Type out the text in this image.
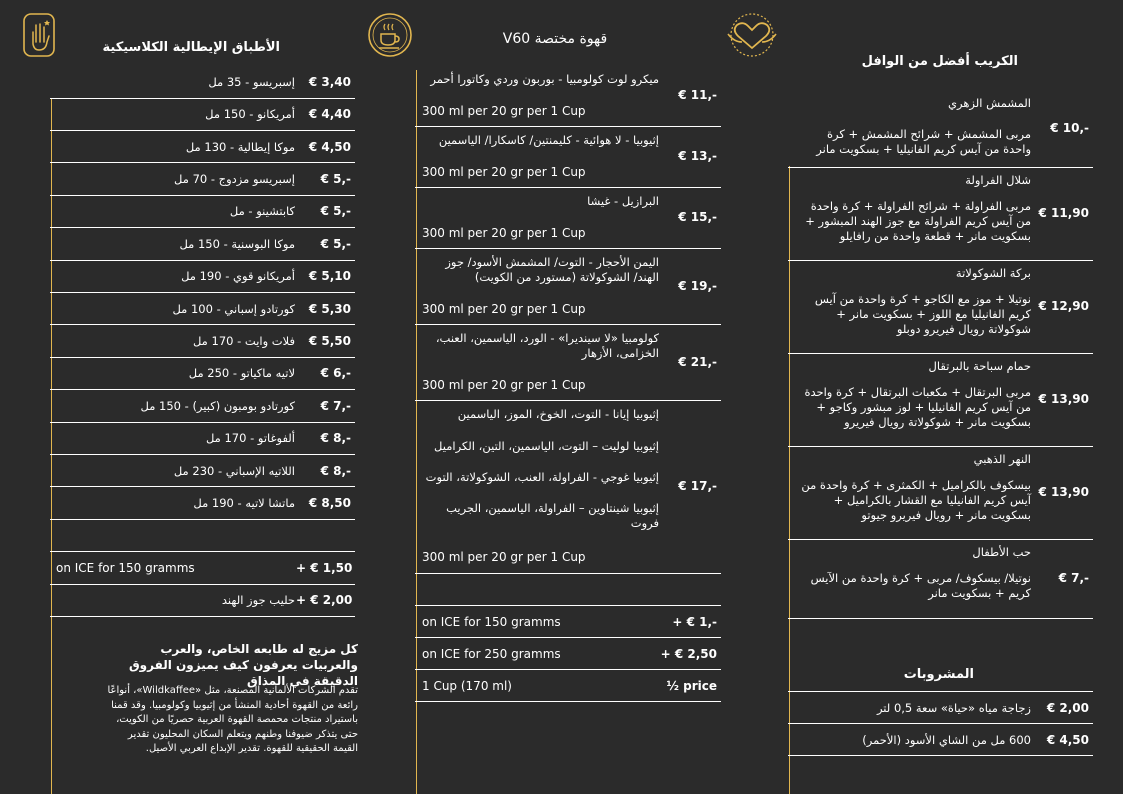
الأطباق الإيطالية الكلاسيكية
إسبريسو - 35 مل	€ 3,40
أمريكانو - 150 مل	€ 4,40
موكا إيطالية - 130 مل	€ 4,50
إسبريسو مزدوج - 70 مل	€ 5,-
كابتشينو - مل	€ 5,-
موكا البوسنية - 150 مل	€ 5,-
أمريكانو قوي - 190 مل	€ 5,10
كورتادو إسباني - 100 مل	€ 5,30
فلات وايت - 170 مل	€ 5,50
لاتيه ماكياتو - 250 مل	€ 6,-
كورتادو بومبون (كبير) - 150 مل	€ 7,-
ألفوغاتو - 170 مل	€ 8,-
اللاتيه الإسباني - 230 مل	€ 8,-
ماتشا لاتيه - 190 مل	€ 8,50
on ICE for 150 gramms	+ € 1,50
حليب جوز الهند + € 2,00
كل مزيج له طابعه الخاص، والعرب والعربيات يعرفون كيف يميزون الفروق الدقيقة في المذاق
تقدم الشركات الألمانية المصنعة، مثل «Wildkaffee»، أنواعًا رائعة من القهوة أحادية المنشأ من إثيوبيا وكولومبيا. وقد قمنا باستيراد منتجات محمصة القهوة العربية حصريًا من الكويت، حتى يتذكر ضيوفنا وطنهم ويتعلم السكان المحليون تقدير القيمة الحقيقية للقهوة. تقدير الإبداع العربي الأصيل.
V60 قهوة مختصة
ميكرو لوت كولومبيا - بوربون وردي وكاتورا أحمر
300 ml per 20 gr per 1 Cup
€ 11,-
إثيوبيا - لا هوائية - كليمنتين/ كاسكارا/ الياسمين
300 ml per 20 gr per 1 Cup
€ 13,-
البرازيل - غيشا
300 ml per 20 gr per 1 Cup
€ 15,-
اليمن الأحجار - التوت/ المشمش الأسود/ جوز الهند/ الشوكولاتة (مستورد من الكويت)
300 ml per 20 gr per 1 Cup
€ 19,-
كولومبيا «لا سينديرا» - الورد، الياسمين، العنب، الخزامى، الأزهار
300 ml per 20 gr per 1 Cup
€ 21,-
إثيوبيا إيانا - التوت، الخوخ، الموز، الياسمين
إثيوبيا لوليت – التوت، الياسمين، التين، الكراميل
إثيوبيا غوجي - الفراولة، العنب، الشوكولاتة، التوت
إثيوبيا شينتاوين – الفراولة، الياسمين، الجريب فروت
300 ml per 20 gr per 1 Cup
€ 17,-
on ICE for 150 gramms	+ € 1,-
on ICE for 250 gramms	+ € 2,50
1 Cup (170 ml)	½ price
الكريب أفضل من الوافل
المشمش الزهري
مربى المشمش + شرائح المشمش + كرة واحدة من آيس كريم الفانيليا + بسكويت مانر
€ 10,-
شلال الفراولة
مربى الفراولة + شرائح الفراولة + كرة واحدة من آيس كريم الفراولة مع جوز الهند المبشور + بسكويت مانر + قطعة واحدة من رافايلو
€ 11,90
بركة الشوكولاتة
نوتيلا + موز مع الكاجو + كرة واحدة من آيس كريم الفانيليا مع اللوز + بسكويت مانر + شوكولاتة رويال فيريرو دوبلو
€ 12,90
حمام سباحة بالبرتقال
مربى البرتقال + مكعبات البرتقال + كرة واحدة من آيس كريم الفانيليا + لوز مبشور وكاجو + بسكويت مانر + شوكولاتة رويال فيريرو
€ 13,90
النهر الذهبي
بيسكوف بالكراميل + الكمثرى + كرة واحدة من آيس كريم الفانيليا مع القشار بالكراميل + بسكويت مانر + رويال فيريرو جيوتو
€ 13,90
حب الأطفال
نوتيلا/ بيسكوف/ مربى + كرة واحدة من الآيس كريم + بسكويت مانر
€ 7,-
المشروبات
زجاجة مياه «حياة» سعة 0,5 لتر	€ 2,00
600 مل من الشاي الأسود (الأحمر)	€ 4,50
